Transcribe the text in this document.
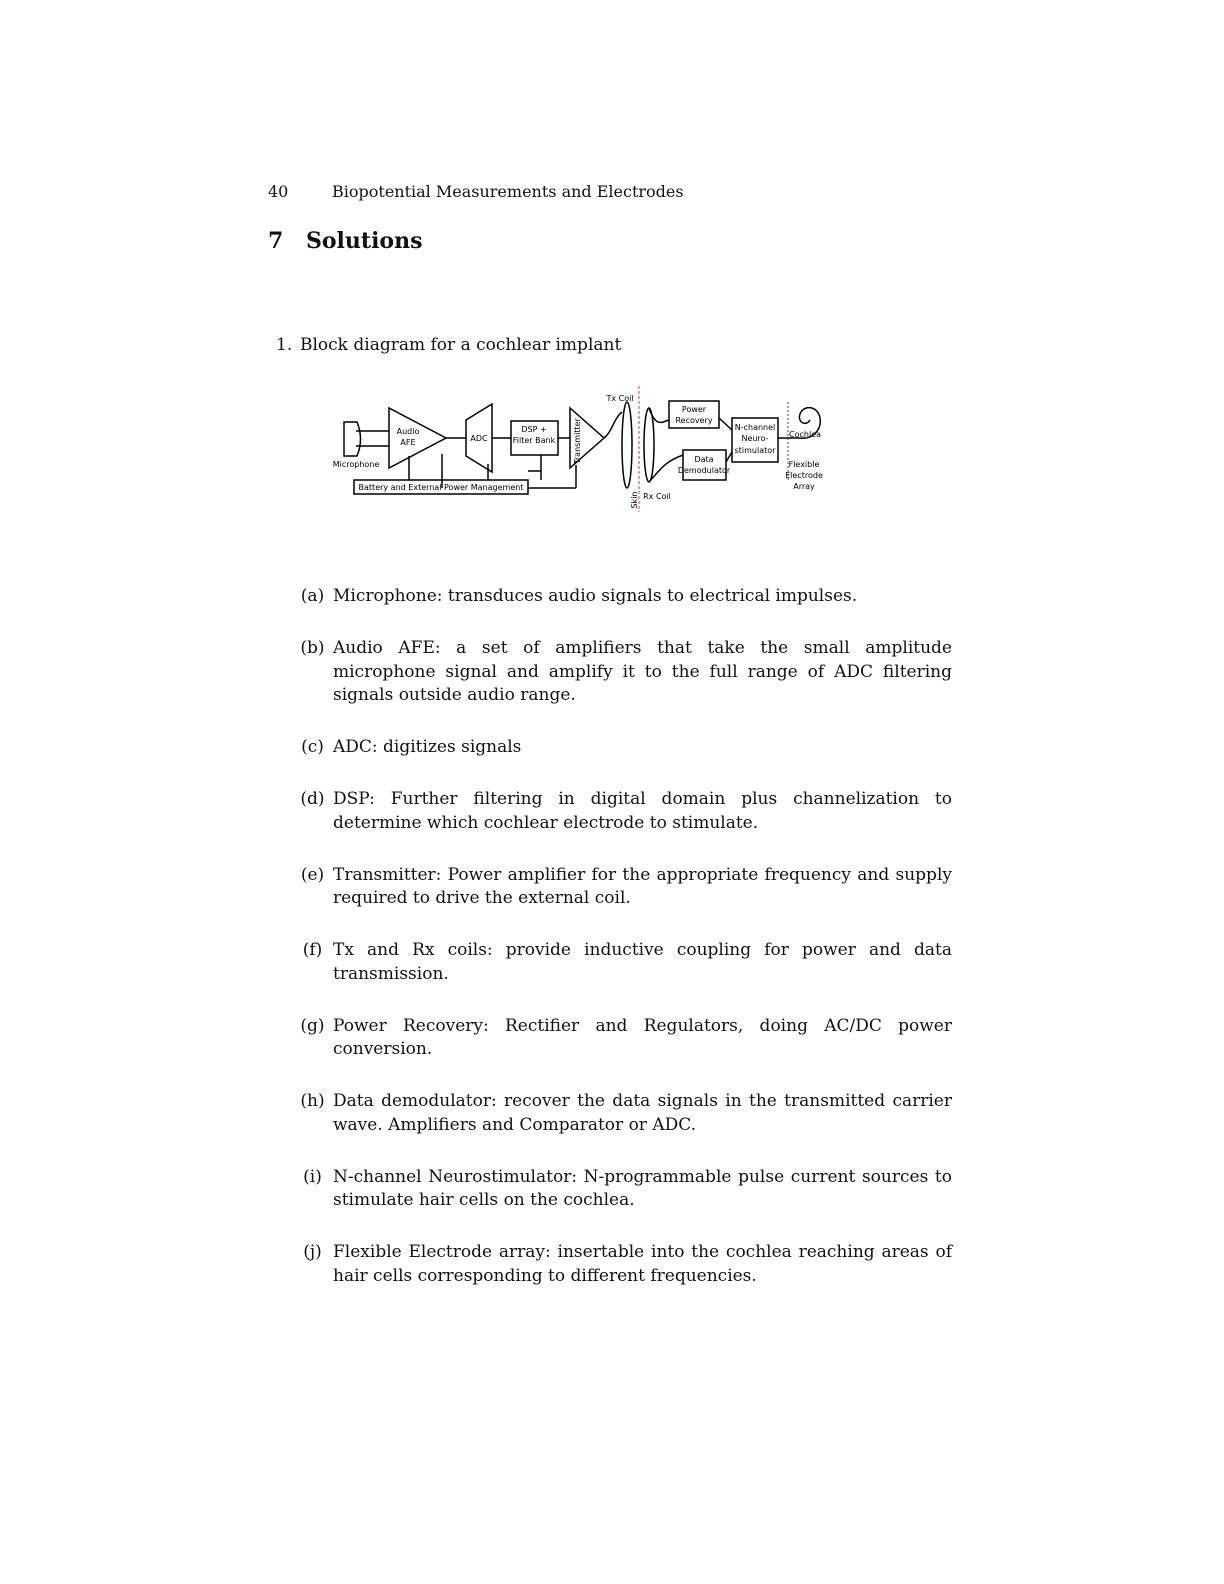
40	Biopotential Measurements and Electrodes
7 Solutions
1. Block diagram for a cochlear implant
Tx Coil
Rx Coil
Skin
Microphone
Audio
AFE	ADC
DSP +
Filter Bank Transmitter
Battery and External Power Management
Power
Recovery
Data
Demodulator
N-channel
Neuro-
stimulator
Cochlea
Flexible
Electrode
Array
(a) Microphone: transduces audio signals to electrical impulses.
(b) Audio AFE: a set of amplifiers that take the small amplitude microphone signal and amplify it to the full range of ADC filtering signals outside audio range.
(c) ADC: digitizes signals
(d) DSP: Further filtering in digital domain plus channelization to determine which cochlear electrode to stimulate.
(e) Transmitter: Power amplifier for the appropriate frequency and supply required to drive the external coil.
(f) Tx and Rx coils: provide inductive coupling for power and data transmission.
(g) Power Recovery: Rectifier and Regulators, doing AC/DC power conversion.
(h) Data demodulator: recover the data signals in the transmitted carrier wave. Amplifiers and Comparator or ADC.
(i) N-channel Neurostimulator: N-programmable pulse current sources to stimulate hair cells on the cochlea.
(j) Flexible Electrode array: insertable into the cochlea reaching areas of hair cells corresponding to different frequencies.
